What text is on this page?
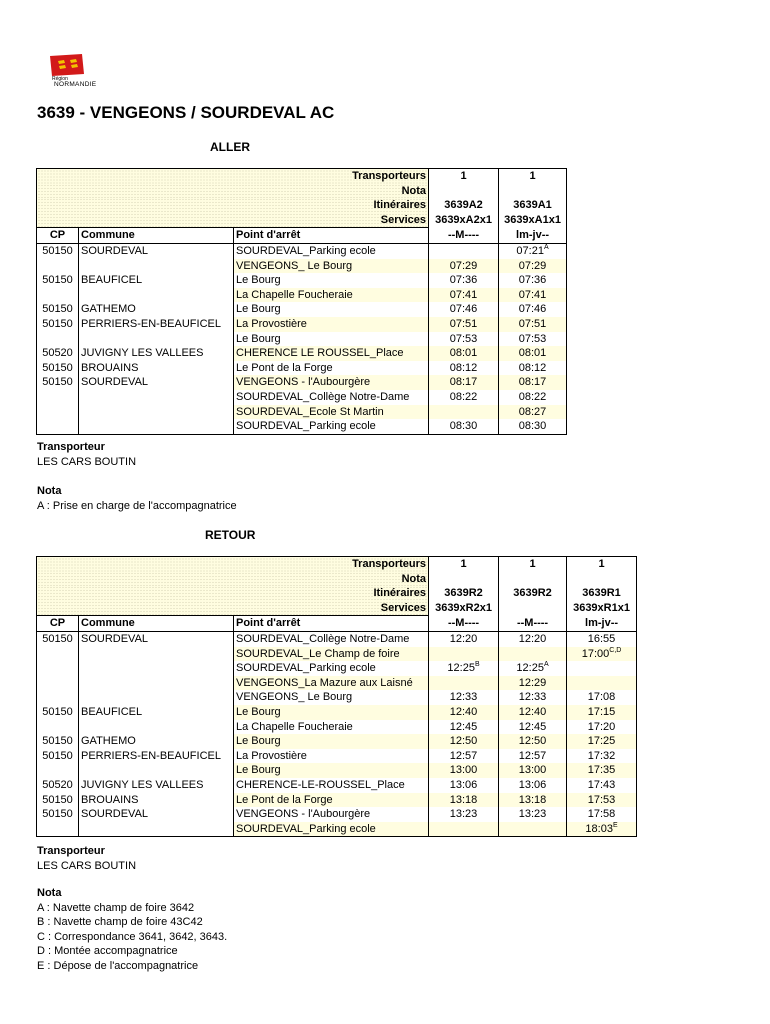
Région
NORMANDIE
3639 - VENGEONS / SOURDEVAL AC
ALLER
Transporteurs			1	1
Nota				
Itinéraires			3639A2	3639A1
Services			3639xA2x1	3639xA1x1
CP	Commune	Point d'arrêt	--M----	lm-jv--
50150	SOURDEVAL	SOURDEVAL_Parking ecole		$07:21^A$
		VENGEONS_ Le Bourg	07:29	07:29
50150	BEAUFICEL	Le Bourg	07:36	07:36
		La Chapelle Foucheraie	07:41	07:41
50150	GATHEMO	Le Bourg	07:46	07:46
50150	PERRIERS-EN-BEAUFICEL	La Provostière	07:51	07:51
		Le Bourg	07:53	07:53
50520	JUVIGNY LES VALLEES	CHERENCE LE ROUSSEL_Place	08:01	08:01
50150	BROUAINS	Le Pont de la Forge	08:12	08:12
50150	SOURDEVAL	VENGEONS - l'Aubourgère	08:17	08:17
		SOURDEVAL_Collège Notre-Dame	08:22	08:22
		SOURDEVAL_Ecole St Martin		08:27
		SOURDEVAL_Parking ecole	08:30	08:30
Transporteur
LES CARS BOUTIN
Nota
A : Prise en charge de l'accompagnatrice
RETOUR
Transporteurs			1	1	1
Nota					
Itinéraires			3639R2	3639R2	3639R1
Services			3639xR2x1		3639xR1x1
CP	Commune	Point d'arrêt	--M----	--M----	lm-jv--
50150	SOURDEVAL	SOURDEVAL_Collège Notre-Dame	12:20	12:20	16:55
		SOURDEVAL_Le Champ de foire			$17:00^{C,D}$
		SOURDEVAL_Parking ecole	$12:25^B$	$12:25^A$	
		VENGEONS_La Mazure aux Laisné		12:29	
		VENGEONS_ Le Bourg	12:33	12:33	17:08
50150	BEAUFICEL	Le Bourg	12:40	12:40	17:15
		La Chapelle Foucheraie	12:45	12:45	17:20
50150	GATHEMO	Le Bourg	12:50	12:50	17:25
50150	PERRIERS-EN-BEAUFICEL	La Provostière	12:57	12:57	17:32
		Le Bourg	13:00	13:00	17:35
50520	JUVIGNY LES VALLEES	CHERENCE-LE-ROUSSEL_Place	13:06	13:06	17:43
50150	BROUAINS	Le Pont de la Forge	13:18	13:18	17:53
50150	SOURDEVAL	VENGEONS - l'Aubourgère	13:23	13:23	17:58
		SOURDEVAL_Parking ecole			$18:03^E$
Transporteur
LES CARS BOUTIN
Nota
A : Navette champ de foire 3642
B : Navette champ de foire 43C42
C : Correspondance 3641, 3642, 3643.
D : Montée accompagnatrice
E : Dépose de l'accompagnatrice
